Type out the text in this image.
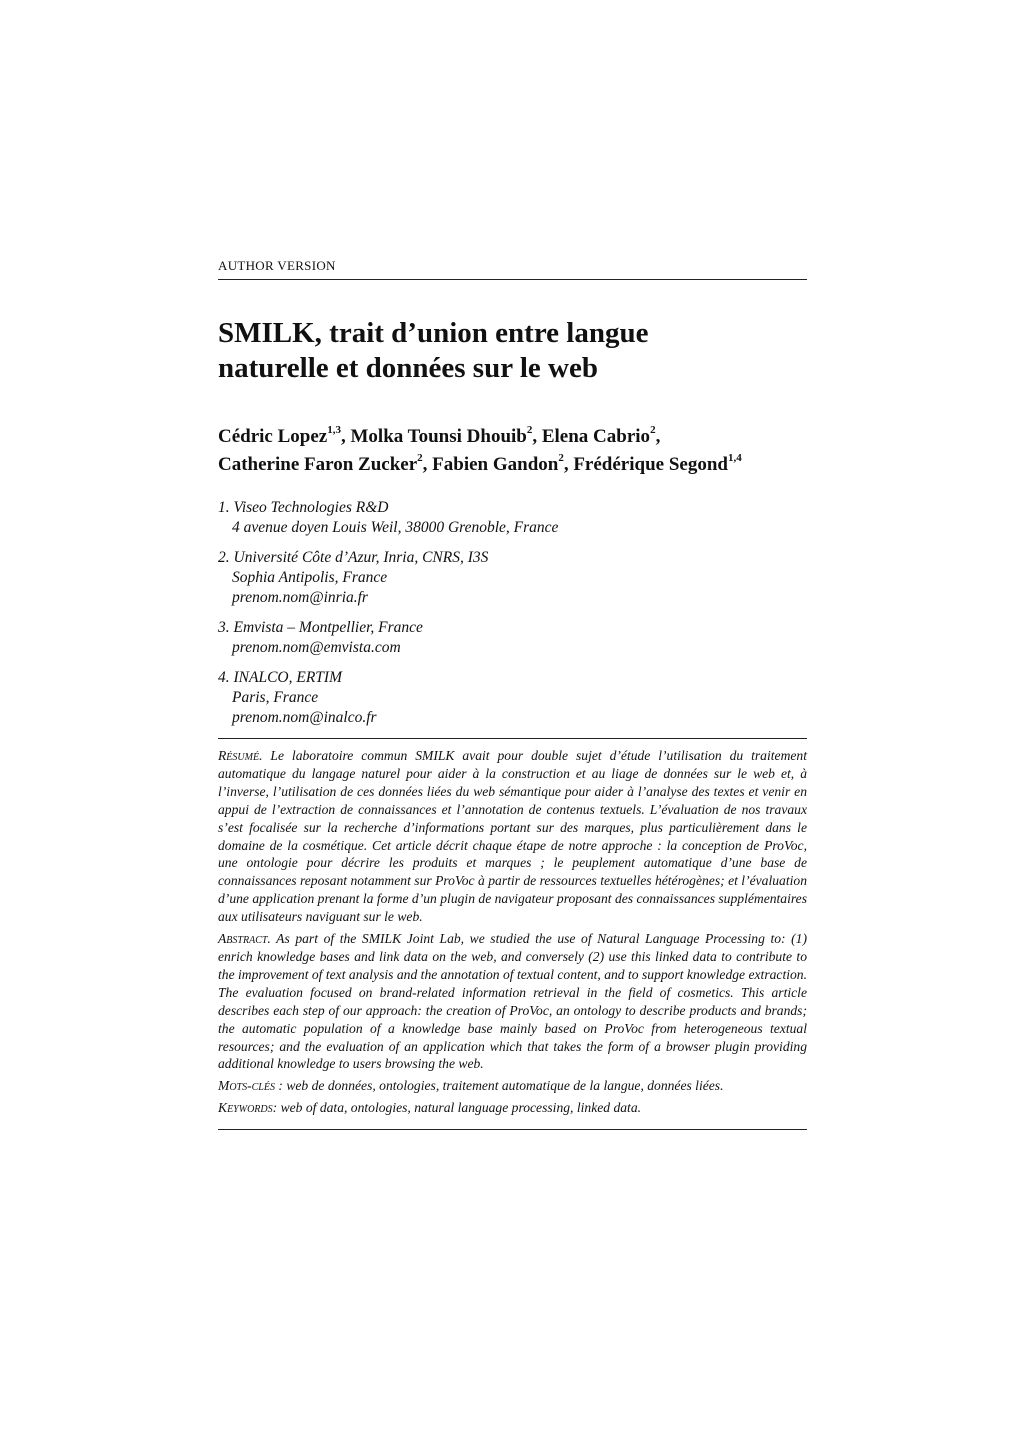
AUTHOR VERSION
SMILK, trait d’union entre langue
naturelle et données sur le web
Cédric Lopez$^{1,3}$, Molka Tounsi Dhouib$^2$, Elena Cabrio$^2$,
Catherine Faron Zucker$^2$, Fabien Gandon$^2$, Frédérique Segond$^{1,4}$
1. Viseo Technologies R&D
4 avenue doyen Louis Weil, 38000 Grenoble, France
2. Université Côte d’Azur, Inria, CNRS, I3S
Sophia Antipolis, France
prenom.nom@inria.fr
3. Emvista – Montpellier, France
prenom.nom@emvista.com
4. INALCO, ERTIM
Paris, France
prenom.nom@inalco.fr

Résumé. Le laboratoire commun SMILK avait pour double sujet d’étude l’utilisation du traitement automatique du langage naturel pour aider à la construction et au liage de données sur le web et, à l’inverse, l’utilisation de ces données liées du web sémantique pour aider à l’analyse des textes et venir en appui de l’extraction de connaissances et l’annotation de contenus textuels. L’évaluation de nos travaux s’est focalisée sur la recherche d’informations portant sur des marques, plus particulièrement dans le domaine de la cosmétique. Cet article décrit chaque étape de notre approche : la conception de ProVoc, une ontologie pour décrire les produits et marques ; le peuplement automatique d’une base de connaissances reposant notamment sur ProVoc à partir de ressources textuelles hétérogènes; et l’évaluation d’une application prenant la forme d’un plugin de navigateur proposant des connaissances supplémentaires aux utilisateurs naviguant sur le web.

Abstract. As part of the SMILK Joint Lab, we studied the use of Natural Language Processing to: (1) enrich knowledge bases and link data on the web, and conversely (2) use this linked data to contribute to the improvement of text analysis and the annotation of textual content, and to support knowledge extraction. The evaluation focused on brand-related information retrieval in the field of cosmetics. This article describes each step of our approach: the creation of ProVoc, an ontology to describe products and brands; the automatic population of a knowledge base mainly based on ProVoc from heterogeneous textual resources; and the evaluation of an application which that takes the form of a browser plugin providing additional knowledge to users browsing the web.

Mots-clés : web de données, ontologies, traitement automatique de la langue, données liées.

Keywords: web of data, ontologies, natural language processing, linked data.
